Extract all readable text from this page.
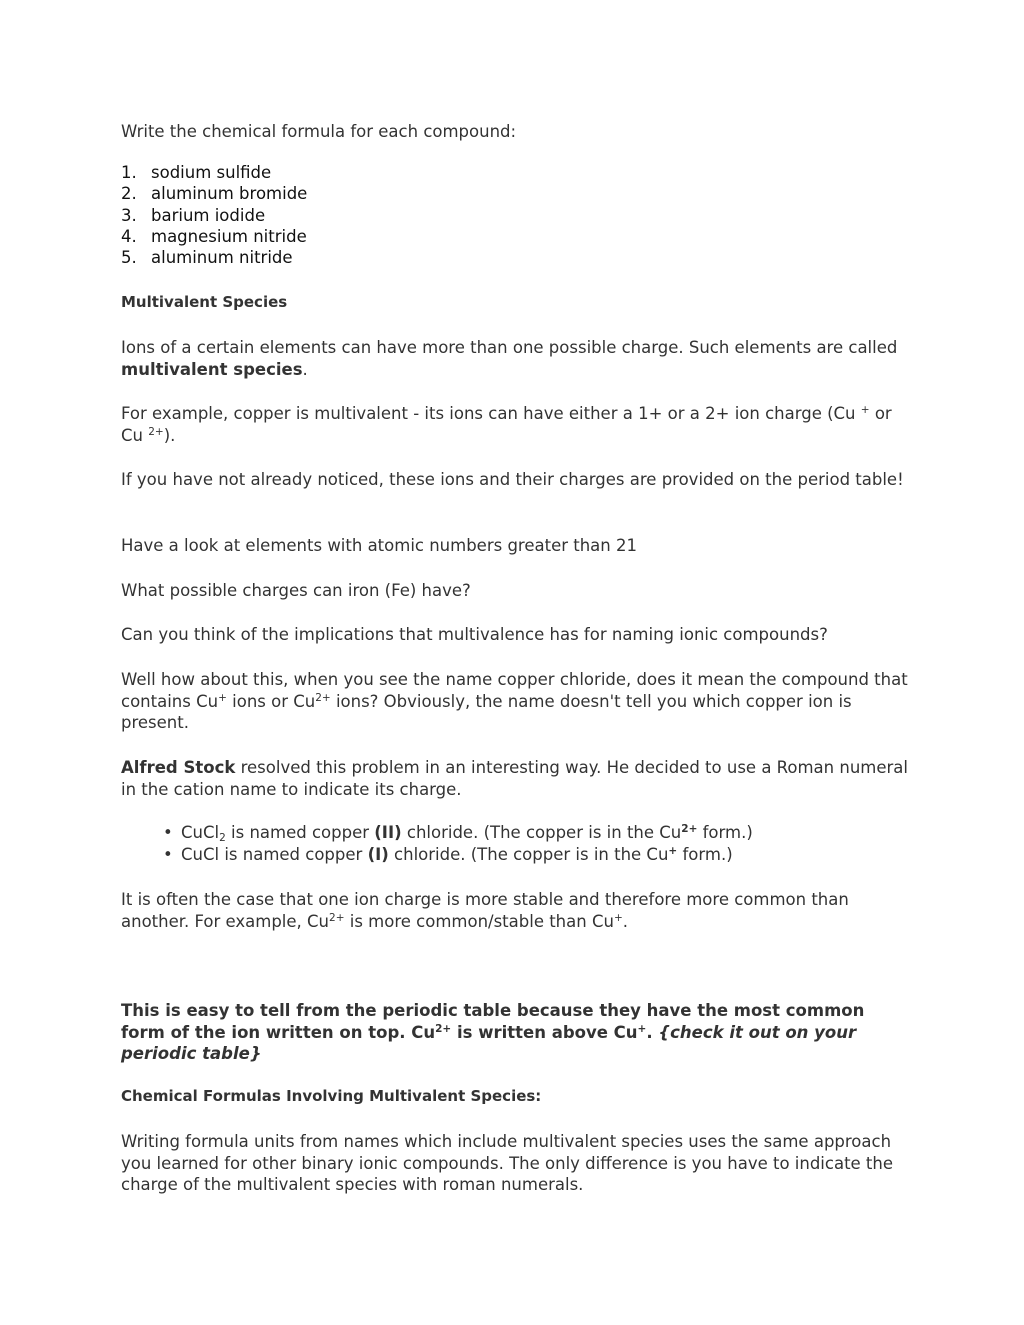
Write the chemical formula for each compound:

1. sodium sulfide
2. aluminum bromide
3. barium iodide
4. magnesium nitride
5. aluminum nitride

Multivalent Species

Ions of a certain elements can have more than one possible charge. Such elements are called multivalent species.

For example, copper is multivalent - its ions can have either a 1+ or a 2+ ion charge (Cu + or Cu $^{2+}$).

If you have not already noticed, these ions and their charges are provided on the period table!

Have a look at elements with atomic numbers greater than 21

What possible charges can iron (Fe) have?

Can you think of the implications that multivalence has for naming ionic compounds?

Well how about this, when you see the name copper chloride, does it mean the compound that contains Cu+ ions or $Cu^{2+}$ ions? Obviously, the name doesn't tell you which copper ion is present.

Alfred Stock resolved this problem in an interesting way. He decided to use a Roman numeral in the cation name to indicate its charge.

• CuCl$_2$ is named copper (II) chloride. (The copper is in the $Cu^{2+}$ form.)
• CuCl is named copper (I) chloride. (The copper is in the Cu+ form.)

It is often the case that one ion charge is more stable and therefore more common than another. For example, $Cu^{2+}$ is more common/stable than Cu+.

This is easy to tell from the periodic table because they have the most common form of the ion written on top. $Cu^{2+}$ is written above Cu+. {check it out on your periodic table}

Chemical Formulas Involving Multivalent Species:

Writing formula units from names which include multivalent species uses the same approach you learned for other binary ionic compounds. The only difference is you have to indicate the charge of the multivalent species with roman numerals.
